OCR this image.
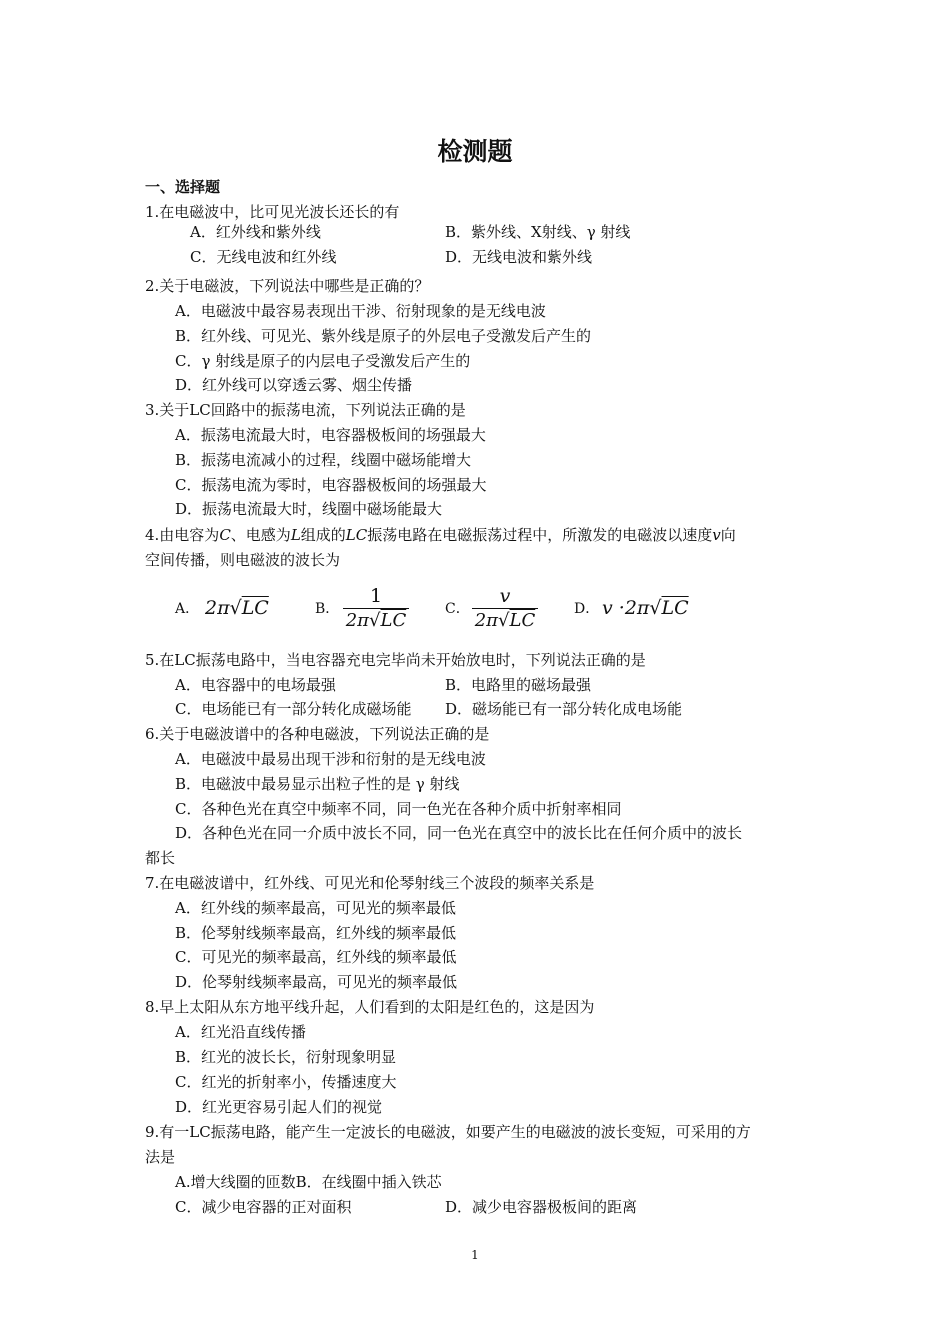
检测题
一、选择题
1.在电磁波中，比可见光波长还长的有
A．红外线和紫外线	B．紫外线、X射线、γ 射线
C．无线电波和红外线	D．无线电波和紫外线
2.关于电磁波，下列说法中哪些是正确的？
A．电磁波中最容易表现出干涉、衍射现象的是无线电波
B．红外线、可见光、紫外线是原子的外层电子受激发后产生的
C．γ 射线是原子的内层电子受激发后产生的
D．红外线可以穿透云雾、烟尘传播
3.关于LC回路中的振荡电流，下列说法正确的是
A．振荡电流最大时，电容器极板间的场强最大
B．振荡电流减小的过程，线圈中磁场能增大
C．振荡电流为零时，电容器极板间的场强最大
D．振荡电流最大时，线圈中磁场能最大
4.由电容为C、电感为L组成的LC振荡电路在电磁振荡过程中，所激发的电磁波以速度v向
空间传播，则电磁波的波长为
A． 2π√LC	B．
1
2π√LC
C．
v
2π√LC
D． v ·2π√LC
5.在LC振荡电路中，当电容器充电完毕尚未开始放电时，下列说法正确的是
A．电容器中的电场最强	B．电路里的磁场最强
C．电场能已有一部分转化成磁场能 D．磁场能已有一部分转化成电场能
6.关于电磁波谱中的各种电磁波，下列说法正确的是
A．电磁波中最易出现干涉和衍射的是无线电波
B．电磁波中最易显示出粒子性的是 γ 射线
C．各种色光在真空中频率不同，同一色光在各种介质中折射率相同
D．各种色光在同一介质中波长不同，同一色光在真空中的波长比在任何介质中的波长
都长
7.在电磁波谱中，红外线、可见光和伦琴射线三个波段的频率关系是
A．红外线的频率最高，可见光的频率最低
B．伦琴射线频率最高，红外线的频率最低
C．可见光的频率最高，红外线的频率最低
D．伦琴射线频率最高，可见光的频率最低
8.早上太阳从东方地平线升起，人们看到的太阳是红色的，这是因为
A．红光沿直线传播
B．红光的波长长，衍射现象明显
C．红光的折射率小，传播速度大
D．红光更容易引起人们的视觉
9.有一LC振荡电路，能产生一定波长的电磁波，如要产生的电磁波的波长变短，可采用的方
法是
A.增大线圈的匝数B．在线圈中插入铁芯
C．减少电容器的正对面积	D．减少电容器极板间的距离
1
